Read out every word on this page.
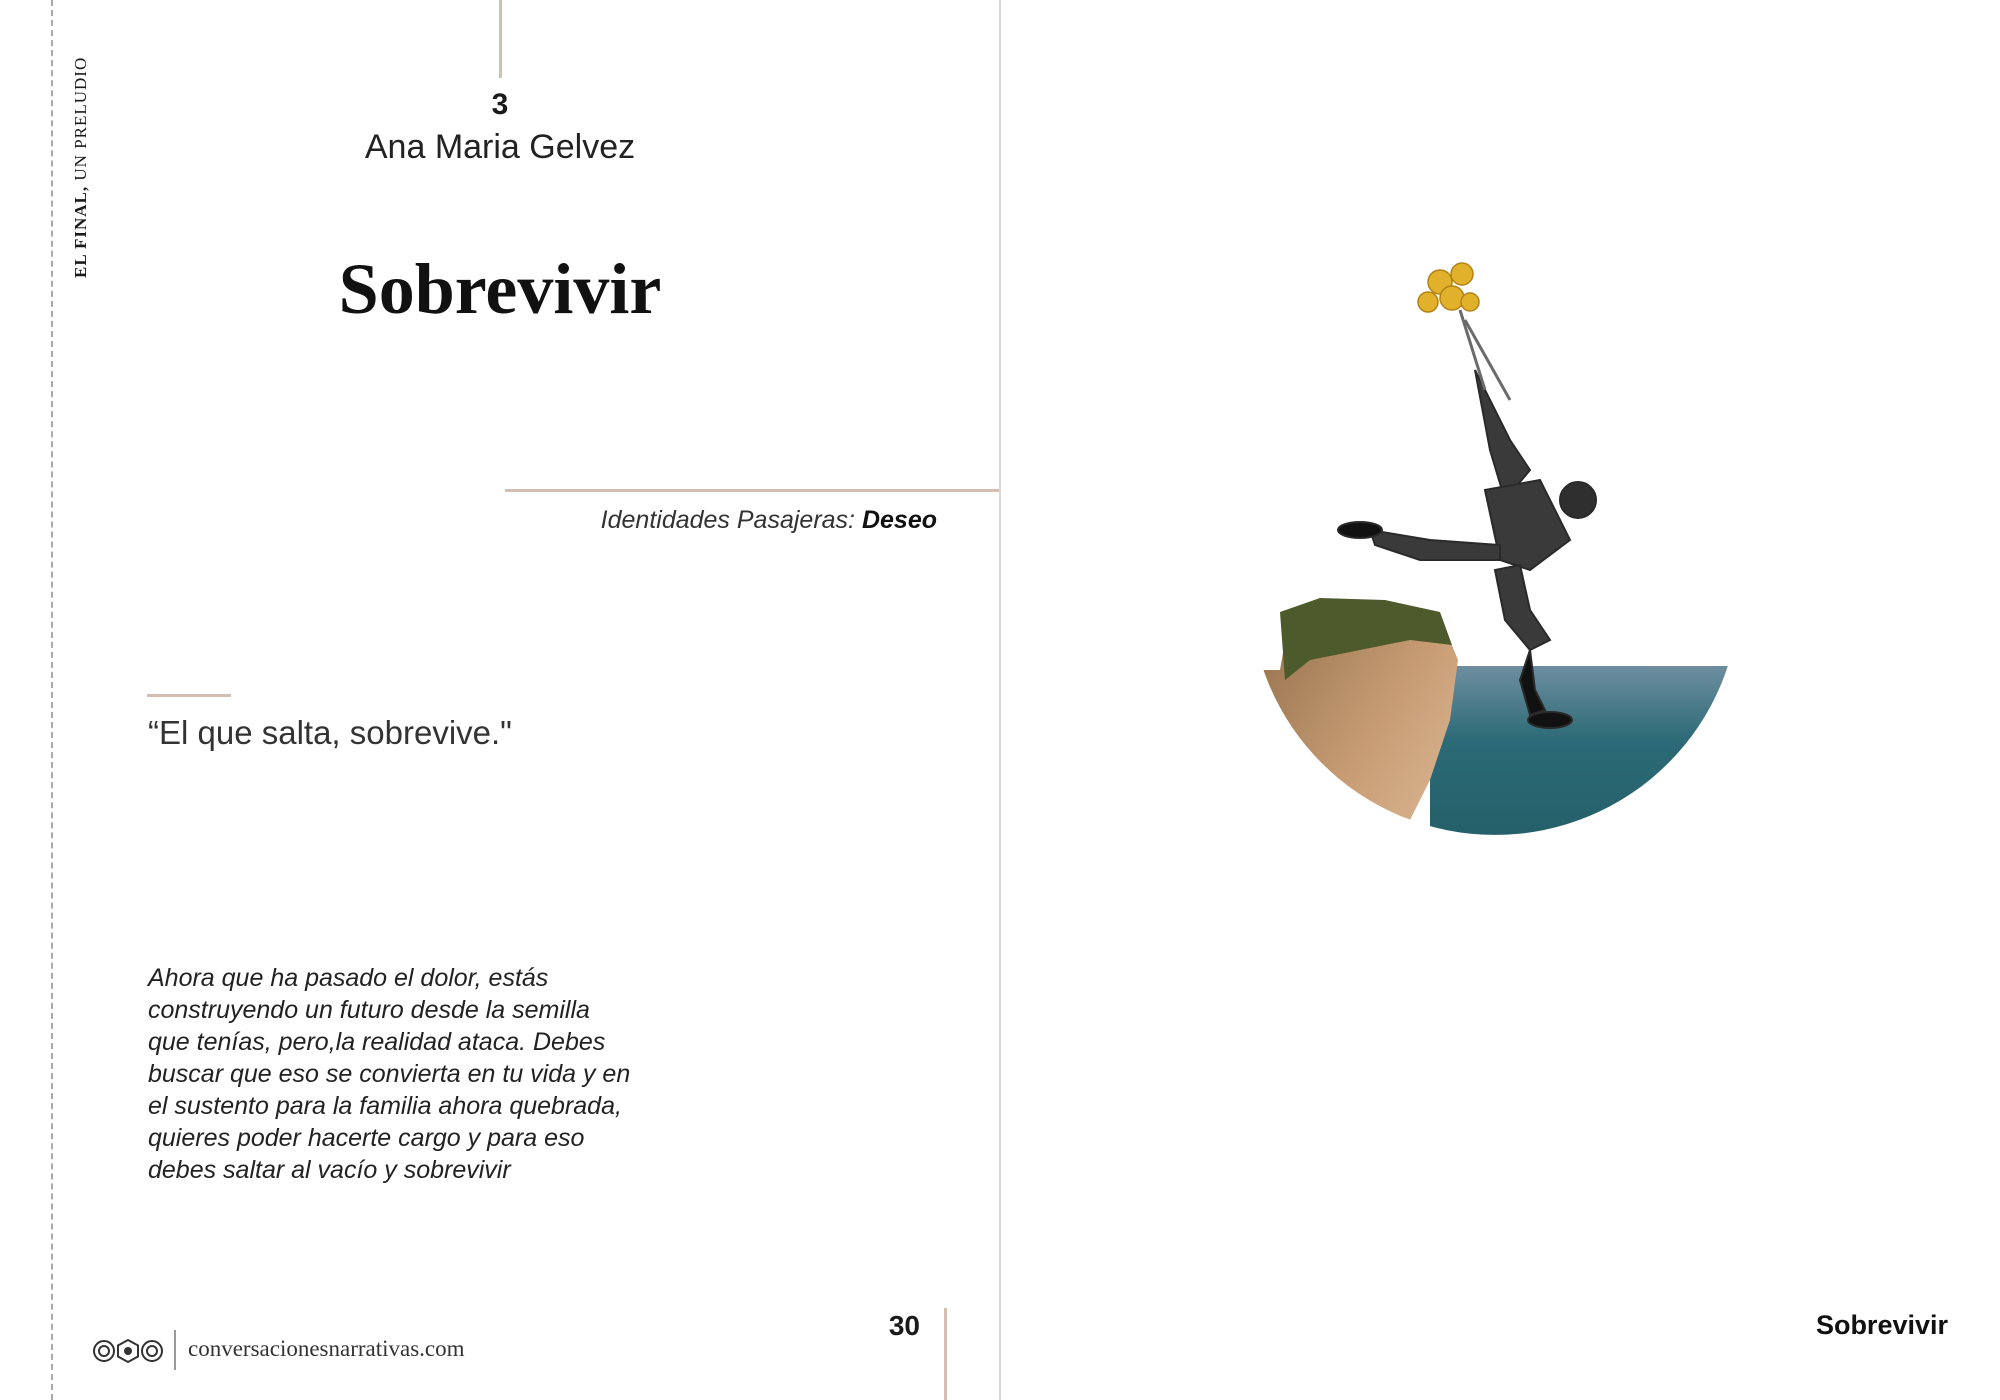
EL FINAL, UN PRELUDIO	3
Ana Maria Gelvez
Sobrevivir
Identidades Pasajeras: Deseo
“El que salta, sobrevive."
Ahora que ha pasado el dolor, estás
construyendo un futuro desde la semilla
que tenías, pero,la realidad ataca. Debes
buscar que eso se convierta en tu vida y en
el sustento para la familia ahora quebrada,
quieres poder hacerte cargo y para eso
debes saltar al vacío y sobrevivir
conversacionesnarrativas.com
30	Sobrevivir
